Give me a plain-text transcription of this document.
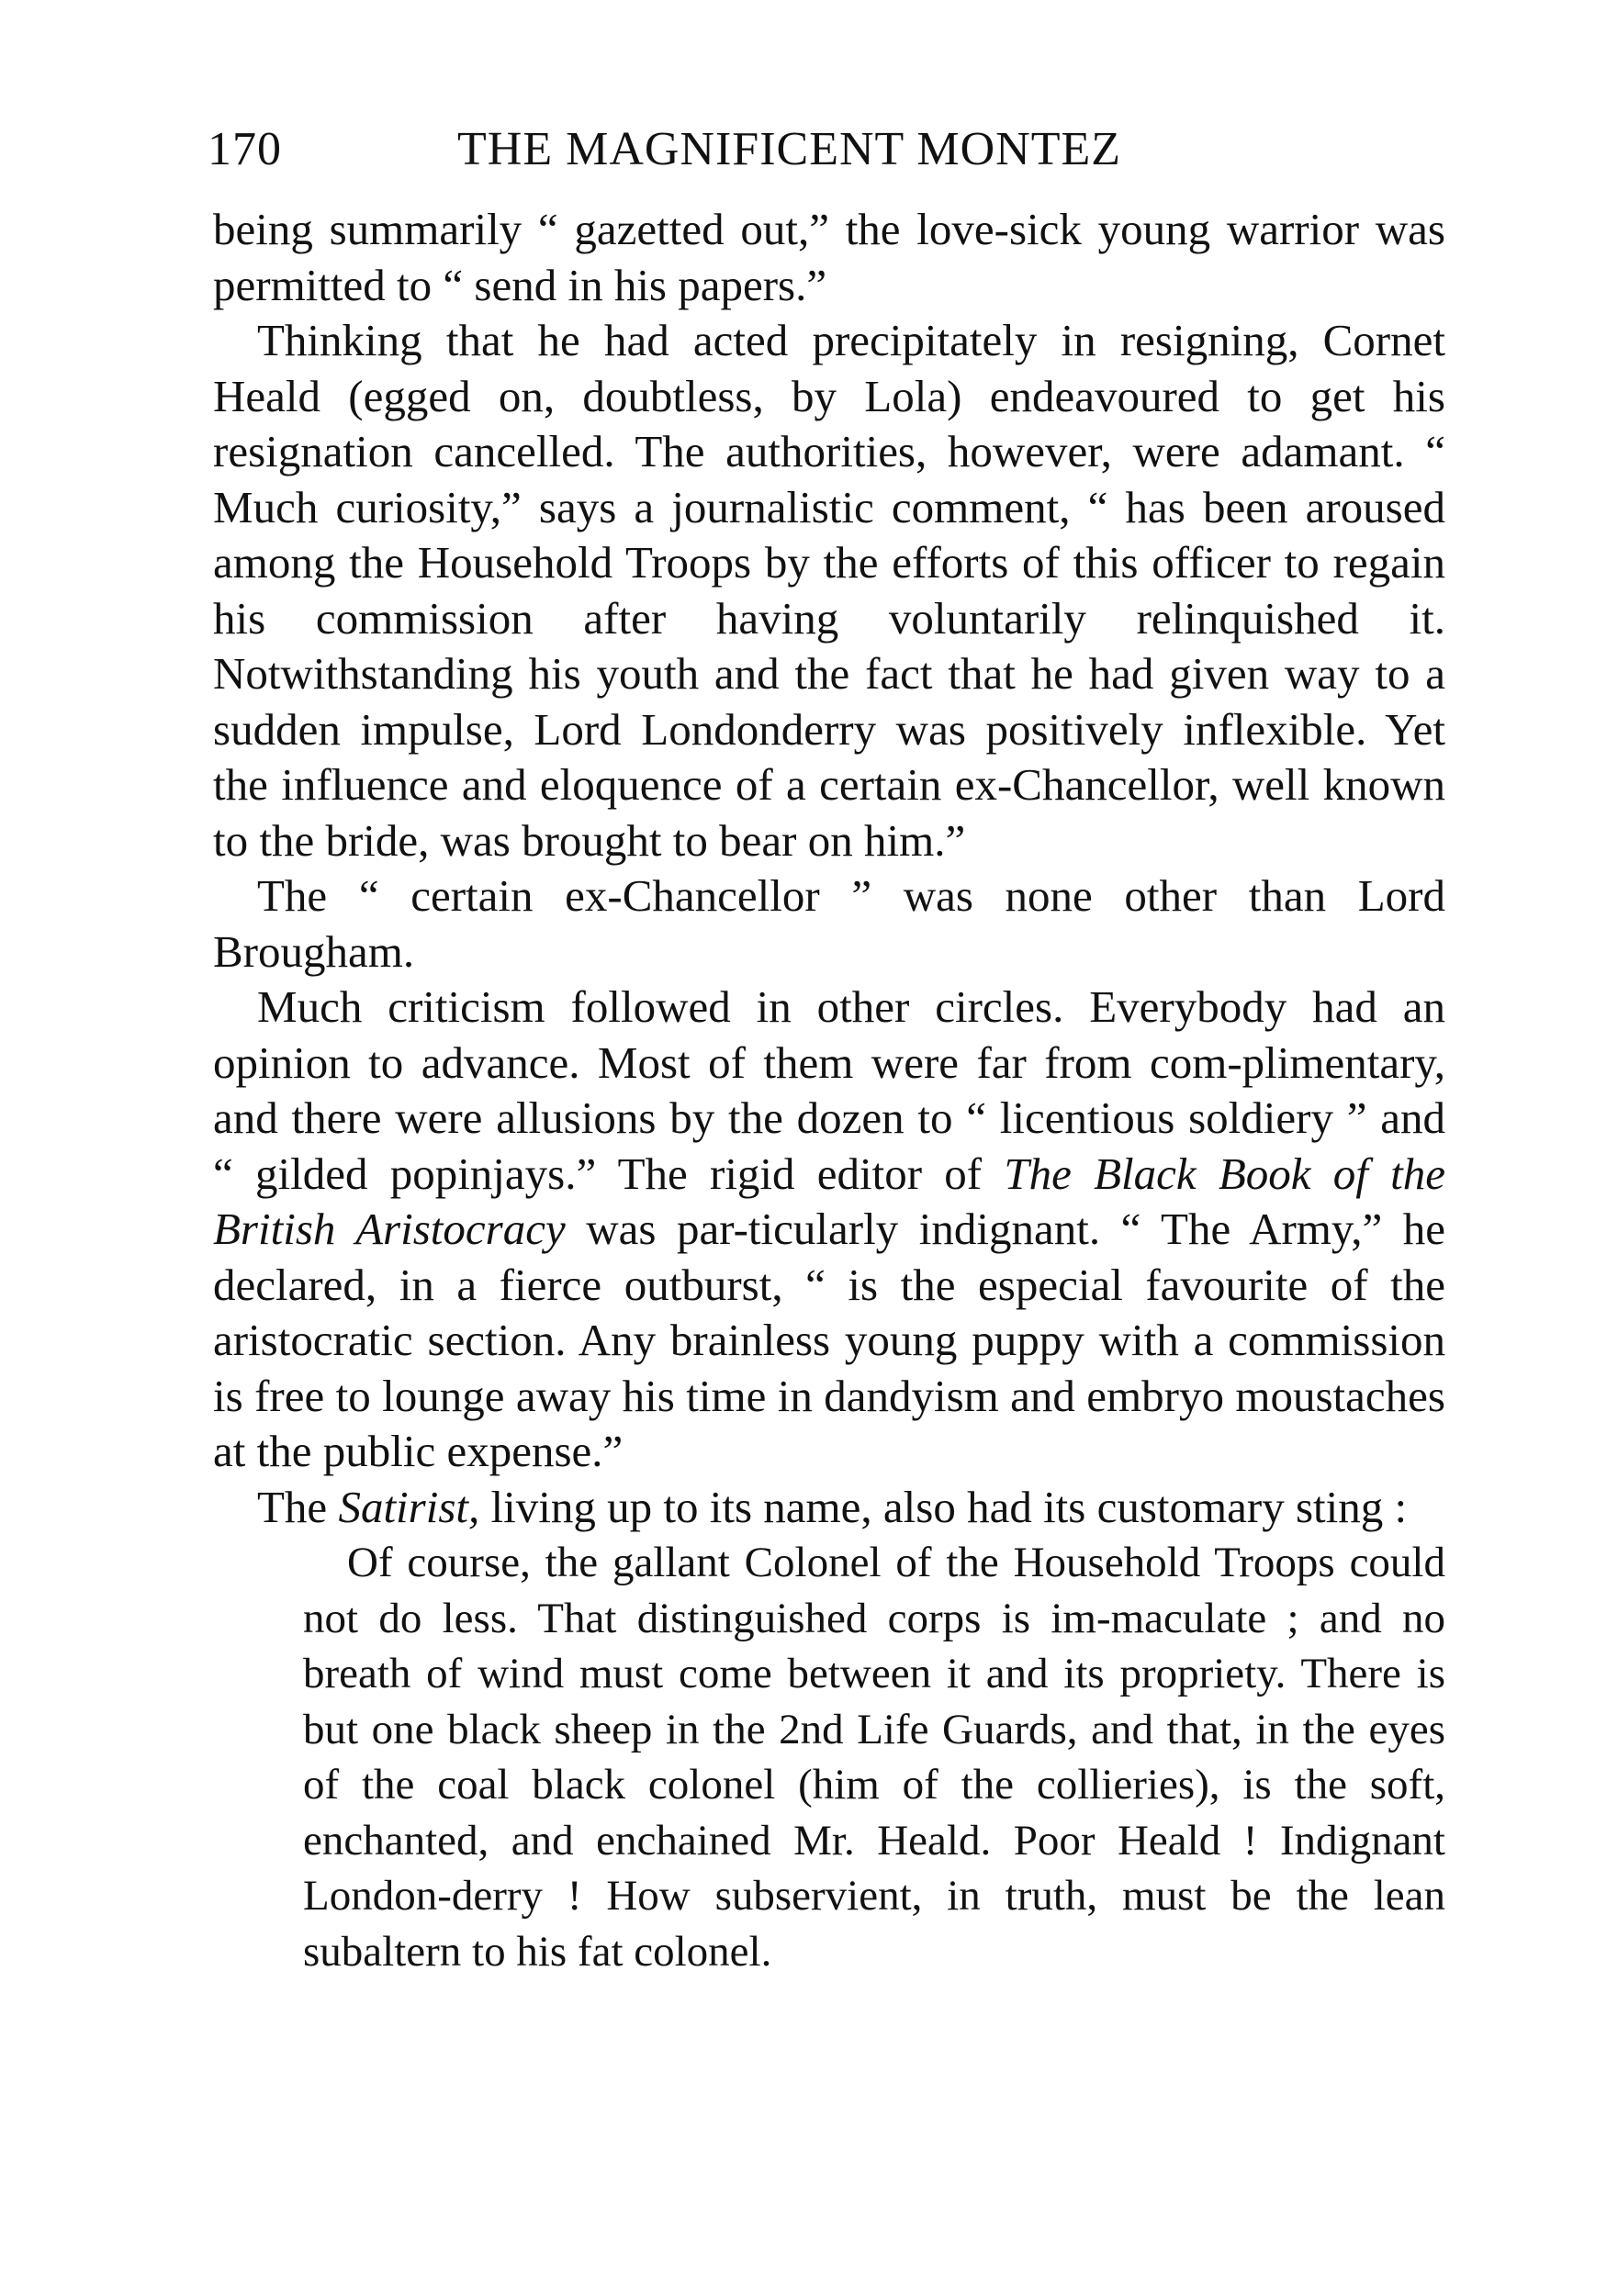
170	THE MAGNIFICENT MONTEZ

being summarily “ gazetted out,” the love-sick young warrior was permitted to “ send in his papers.”

Thinking that he had acted precipitately in resigning, Cornet Heald (egged on, doubtless, by Lola) endeavoured to get his resignation cancelled. The authorities, however, were adamant. “ Much curiosity,” says a journalistic comment, “ has been aroused among the Household Troops by the efforts of this officer to regain his commission after having voluntarily relinquished it. Notwithstanding his youth and the fact that he had given way to a sudden impulse, Lord Londonderry was positively inflexible. Yet the influence and eloquence of a certain ex-Chancellor, well known to the bride, was brought to bear on him.”

The “ certain ex-Chancellor ” was none other than Lord Brougham.

Much criticism followed in other circles. Everybody had an opinion to advance. Most of them were far from com-plimentary, and there were allusions by the dozen to “ licentious soldiery ” and “ gilded popinjays.” The rigid editor of The Black Book of the British Aristocracy was par-ticularly indignant. “ The Army,” he declared, in a fierce outburst, “ is the especial favourite of the aristocratic section. Any brainless young puppy with a commission is free to lounge away his time in dandyism and embryo moustaches at the public expense.”

The Satirist, living up to its name, also had its customary sting :

Of course, the gallant Colonel of the Household Troops could not do less. That distinguished corps is im-maculate ; and no breath of wind must come between it and its propriety. There is but one black sheep in the 2nd Life Guards, and that, in the eyes of the coal black colonel (him of the collieries), is the soft, enchanted, and enchained Mr. Heald. Poor Heald ! Indignant London-derry ! How subservient, in truth, must be the lean subaltern to his fat colonel.
